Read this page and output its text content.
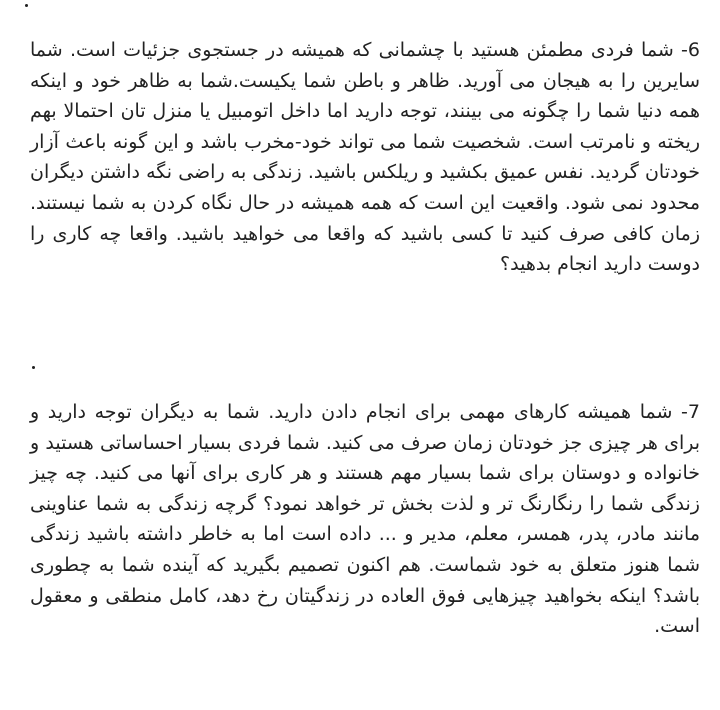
6- شما فردی مطمئن هستید با چشمانی که همیشه در جستجوی جزئیات است. شما سایرین را به هیجان می آورید. ظاهر و باطن شما یکیست.شما به ظاهر خود و اینکه همه دنیا شما را چگونه می بینند، توجه دارید اما داخل اتومبیل یا منزل تان احتمالا بهم ریخته و نامرتب است. شخصیت شما می تواند خود-مخرب باشد و این گونه باعث آزار خودتان گردید. نفس عمیق بکشید و ریلکس باشید. زندگی به راضی نگه داشتن دیگران محدود نمی شود. واقعیت این است که همه همیشه در حال نگاه کردن به شما نیستند. زمان کافی صرف کنید تا کسی باشید که واقعا می خواهید باشید. واقعا چه کاری را دوست دارید انجام بدهید؟

7- شما همیشه کارهای مهمی برای انجام دادن دارید. شما به دیگران توجه دارید و برای هر چیزی جز خودتان زمان صرف می کنید. شما فردی بسیار احساساتی هستید و خانواده و دوستان برای شما بسیار مهم هستند و هر کاری برای آنها می کنید. چه چیز زندگی شما را رنگارنگ تر و لذت بخش تر خواهد نمود؟ گرچه زندگی به شما عناوینی مانند مادر، پدر، همسر، معلم، مدیر و ... داده است اما به خاطر داشته باشید زندگی شما هنوز متعلق به خود شماست. هم اکنون تصمیم بگیرید که آینده شما به چطوری باشد؟ اینکه بخواهید چیزهایی فوق العاده در زندگیتان رخ دهد، کامل منطقی و معقول است.
